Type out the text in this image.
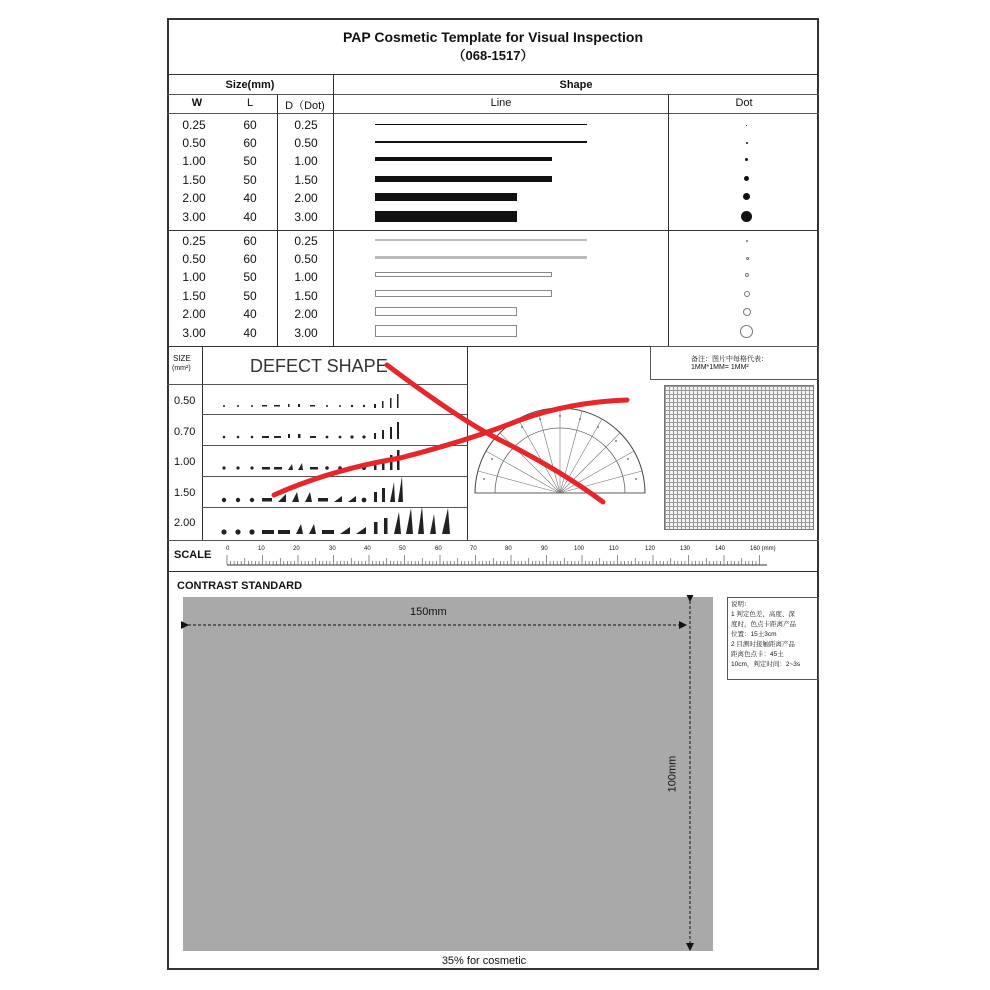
PAP Cosmetic Template for Visual Inspection
（068-1517）
Size(mm)	Shape
W	L	D（Dot)	Line	Dot
0.25	60	0.25
0.50	60	0.50
1.00	50	1.00
1.50	50	1.50
2.00	40	2.00
3.00	40	3.00
0.25	60	0.25
0.50	60	0.50
1.00	50	1.00
1.50	50	1.50
2.00	40	2.00
3.00	40	3.00
SIZE
(mm²)	DEFECT SHAPE
0.50
0.70
1.00
1.50
2.00
备注：图片中每格代表：
1MM*1MM= 1MM²
SCALE 0	10	20	30	40	50	60	70	80	90	100	110	120	130	140	160 (mm)
CONTRAST STANDARD
150mm
100mm
35% for cosmetic
说明：
1 判定色差、高度、深
度时，色点卡距离产品
位置：15土3cm
2 目测时接触距离产品
距离色点卡：45土
10cm，判定时间：2~3s
